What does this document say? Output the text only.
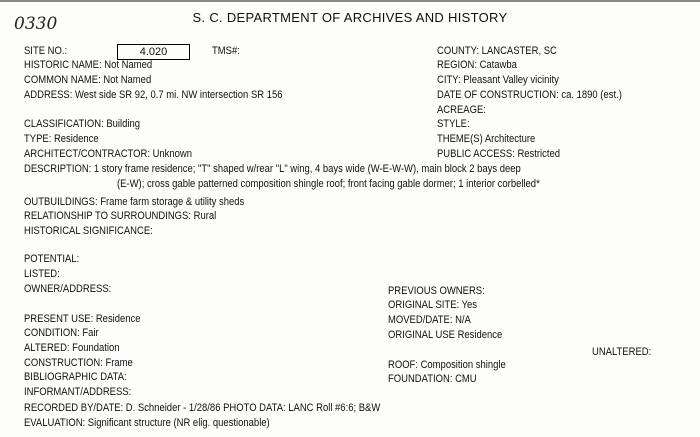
0330	S. C. DEPARTMENT OF ARCHIVES AND HISTORY
SITE NO.:	4.020	TMS#:
HISTORIC NAME: Not Named
COMMON NAME: Not Named
ADDRESS: West side SR 92, 0.7 mi. NW intersection SR 156
COUNTY: LANCASTER, SC
REGION: Catawba
CITY: Pleasant Valley vicinity
DATE OF CONSTRUCTION: ca. 1890 (est.)
ACREAGE:
CLASSIFICATION: Building	STYLE:
TYPE: Residence	THEME(S) Architecture
ARCHITECT/CONTRACTOR: Unknown	PUBLIC ACCESS: Restricted
DESCRIPTION: 1 story frame residence; "T" shaped w/rear "L" wing, 4 bays wide (W-E-W-W), main block 2 bays deep
(E-W); cross gable patterned composition shingle roof; front facing gable dormer; 1 interior corbelled*
OUTBUILDINGS: Frame farm storage & utility sheds
RELATIONSHIP TO SURROUNDINGS: Rural
HISTORICAL SIGNIFICANCE:
POTENTIAL:
LISTED:
OWNER/ADDRESS:	PREVIOUS OWNERS:
ORIGINAL SITE: Yes
PRESENT USE: Residence	MOVED/DATE: N/A
CONDITION: Fair	ORIGINAL USE Residence
ALTERED: Foundation	UNALTERED:
CONSTRUCTION: Frame	ROOF: Composition shingle
BIBLIOGRAPHIC DATA:	FOUNDATION: CMU
INFORMANT/ADDRESS:
RECORDED BY/DATE: D. Schneider - 1/28/86 PHOTO DATA: LANC Roll #6:6; B&W
EVALUATION: Significant structure (NR elig. questionable)
